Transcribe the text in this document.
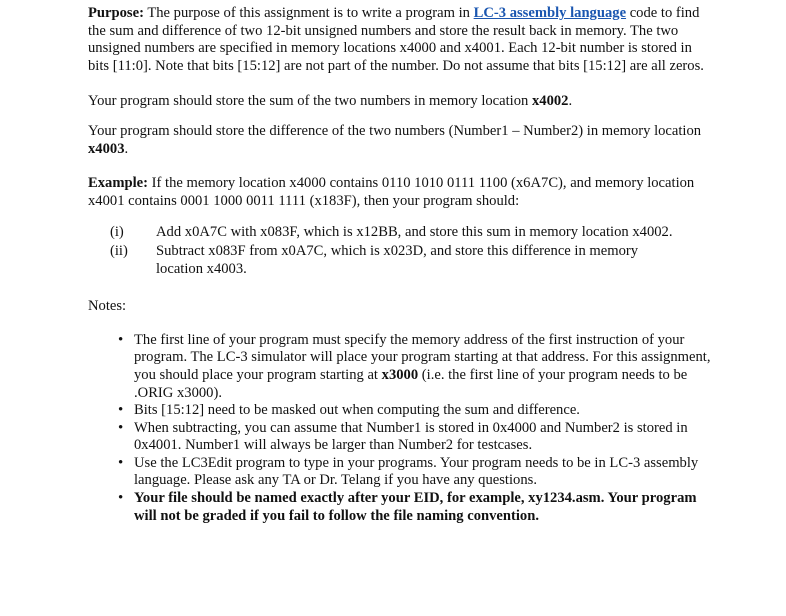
Purpose: The purpose of this assignment is to write a program in LC-3 assembly language code to find the sum and difference of two 12-bit unsigned numbers and store the result back in memory. The two unsigned numbers are specified in memory locations x4000 and x4001. Each 12-bit number is stored in bits [11:0]. Note that bits [15:12] are not part of the number. Do not assume that bits [15:12] are all zeros.

Your program should store the sum of the two numbers in memory location x4002.

Your program should store the difference of the two numbers (Number1 – Number2) in memory location x4003.

Example: If the memory location x4000 contains 0110 1010 0111 1100 (x6A7C), and memory location x4001 contains 0001 1000 0011 1111 (x183F), then your program should:

(i)	Add x0A7C with x083F, which is x12BB, and store this sum in memory location x4002.
(ii)	Subtract x083F from x0A7C, which is x023D, and store this difference in memory location x4003.

Notes:

• The first line of your program must specify the memory address of the first instruction of your program. The LC-3 simulator will place your program starting at that address. For this assignment, you should place your program starting at x3000 (i.e. the first line of your program needs to be .ORIG x3000).
• Bits [15:12] need to be masked out when computing the sum and difference.
• When subtracting, you can assume that Number1 is stored in 0x4000 and Number2 is stored in 0x4001. Number1 will always be larger than Number2 for testcases.
• Use the LC3Edit program to type in your programs. Your program needs to be in LC-3 assembly language. Please ask any TA or Dr. Telang if you have any questions.
• Your file should be named exactly after your EID, for example, xy1234.asm. Your program will not be graded if you fail to follow the file naming convention.
